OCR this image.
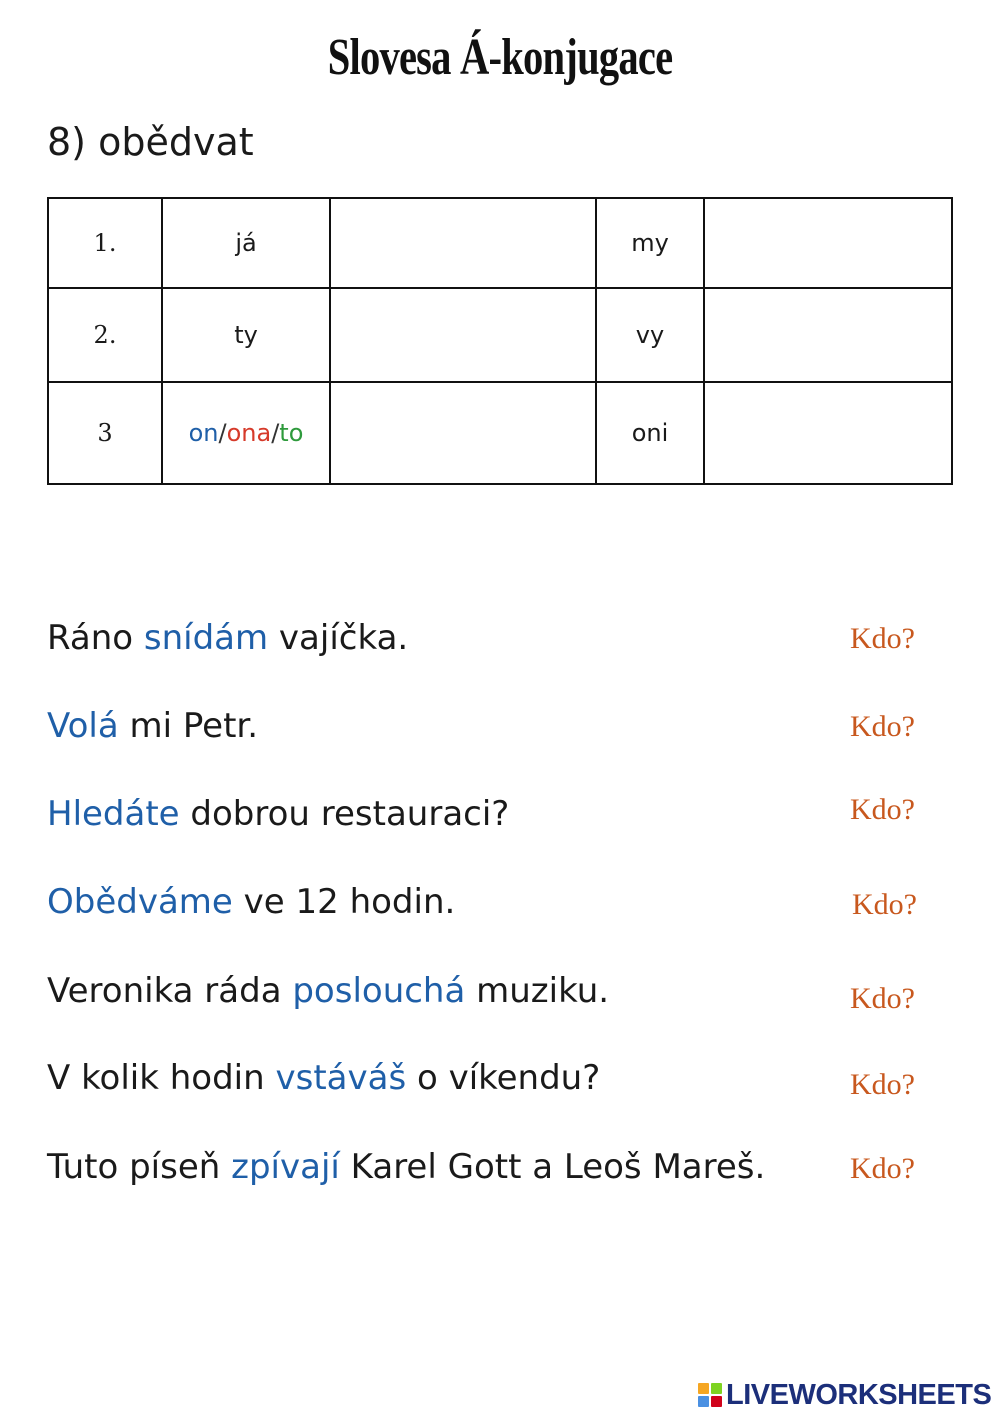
Slovesa Á-konjugace
8) obědvat
1.	já		my	
2.	ty		vy	
3	on/ona/to		oni	
Ráno snídám vajíčka.	Kdo?
Volá mi Petr.	Kdo?
Hledáte dobrou restauraci?	Kdo?
Obědváme ve 12 hodin.	Kdo?
Veronika ráda poslouchá muziku.	Kdo?
V kolik hodin vstáváš o víkendu?	Kdo?
Tuto píseň zpívají Karel Gott a Leoš Mareš.	Kdo?
LIVEWORKSHEETS
